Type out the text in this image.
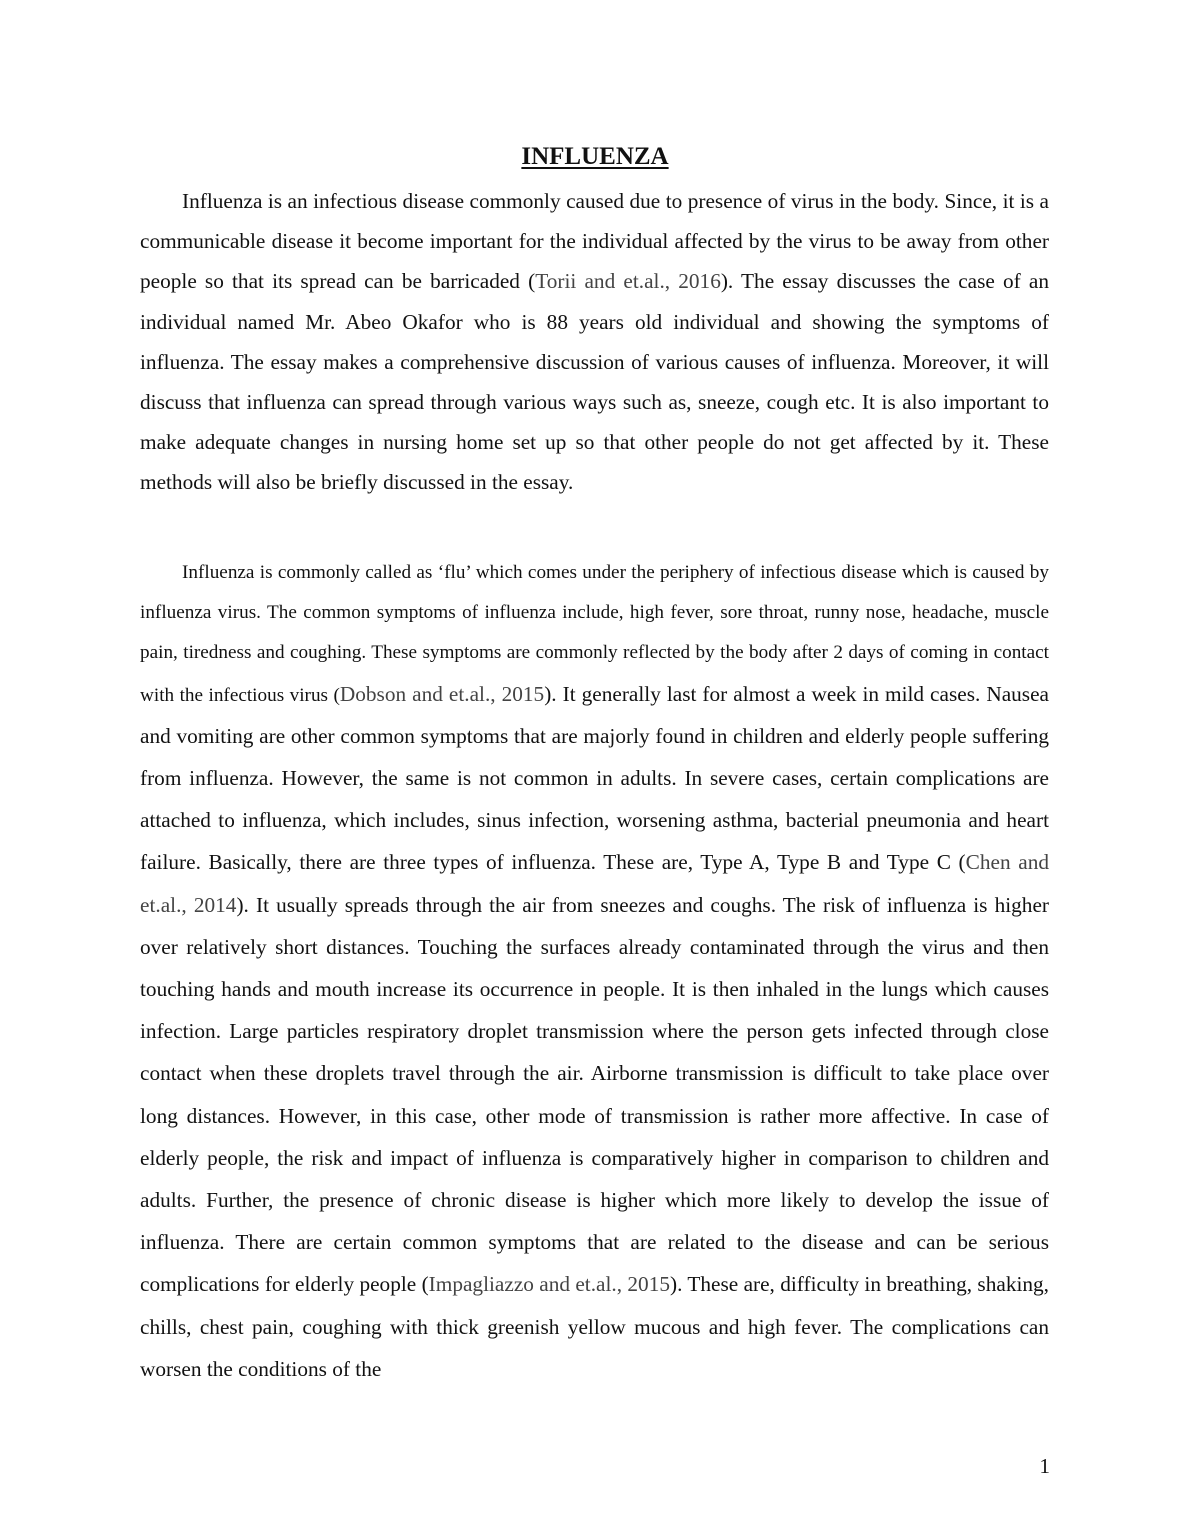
INFLUENZA

Influenza is an infectious disease commonly caused due to presence of virus in the body. Since, it is a communicable disease it become important for the individual affected by the virus to be away from other people so that its spread can be barricaded (Torii and et.al., 2016). The essay discusses the case of an individual named Mr. Abeo Okafor who is 88 years old individual and showing the symptoms of influenza. The essay makes a comprehensive discussion of various causes of influenza. Moreover, it will discuss that influenza can spread through various ways such as, sneeze, cough etc. It is also important to make adequate changes in nursing home set up so that other people do not get affected by it. These methods will also be briefly discussed in the essay.

Influenza is commonly called as ‘flu’ which comes under the periphery of infectious disease which is caused by influenza virus. The common symptoms of influenza include, high fever, sore throat, runny nose, headache, muscle pain, tiredness and coughing. These symptoms are commonly reflected by the body after 2 days of coming in contact with the infectious virus (Dobson and et.al., 2015). It generally last for almost a week in mild cases. Nausea and vomiting are other common symptoms that are majorly found in children and elderly people suffering from influenza. However, the same is not common in adults. In severe cases, certain complications are attached to influenza, which includes, sinus infection, worsening asthma, bacterial pneumonia and heart failure. Basically, there are three types of influenza. These are, Type A, Type B and Type C (Chen and et.al., 2014). It usually spreads through the air from sneezes and coughs. The risk of influenza is higher over relatively short distances. Touching the surfaces already contaminated through the virus and then touching hands and mouth increase its occurrence in people. It is then inhaled in the lungs which causes infection. Large particles respiratory droplet transmission where the person gets infected through close contact when these droplets travel through the air. Airborne transmission is difficult to take place over long distances. However, in this case, other mode of transmission is rather more affective. In case of elderly people, the risk and impact of influenza is comparatively higher in comparison to children and adults. Further, the presence of chronic disease is higher which more likely to develop the issue of influenza. There are certain common symptoms that are related to the disease and can be serious complications for elderly people (Impagliazzo and et.al., 2015). These are, difficulty in breathing, shaking, chills, chest pain, coughing with thick greenish yellow mucous and high fever. The complications can worsen the conditions of the

1
